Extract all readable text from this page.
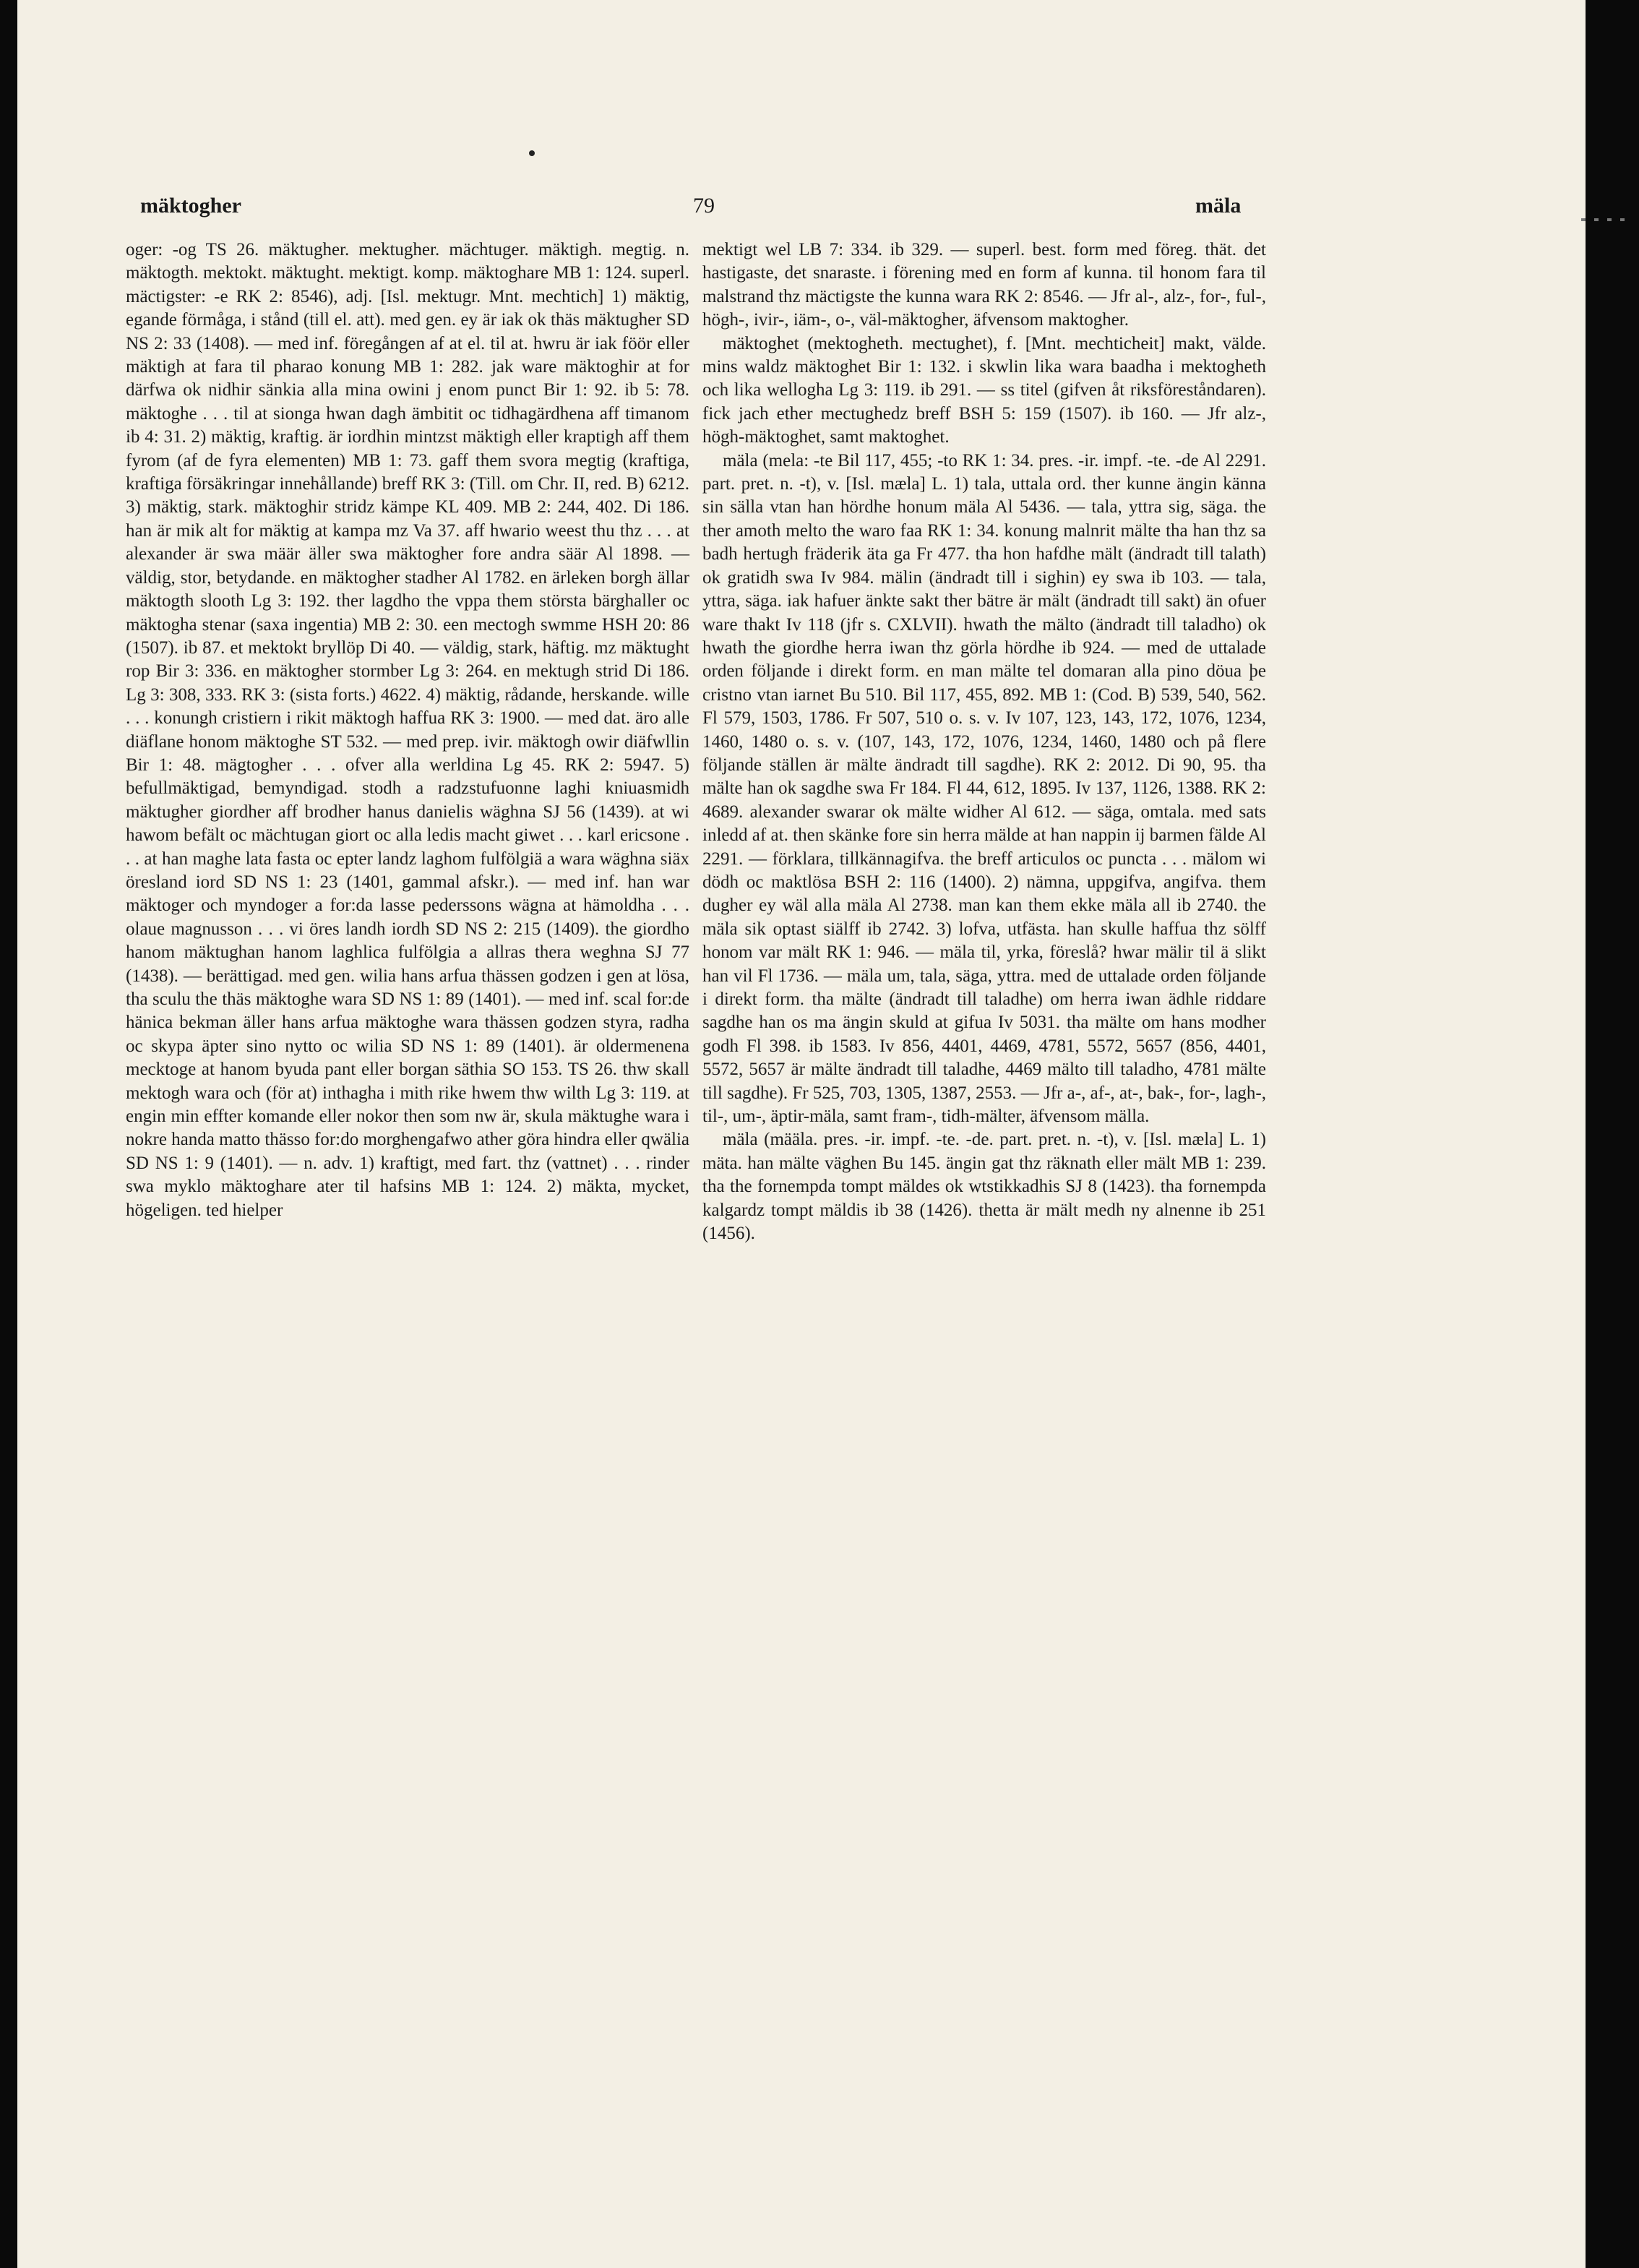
mäktogher	79	mäla

oger: -og TS 26. mäktugher. mektugher. mächtuger. mäktigh. megtig. n. mäktogth. mektokt. mäktught. mektigt. komp. mäktoghare MB 1: 124. superl. mäctigster: -e RK 2: 8546), adj. [Isl. mektugr. Mnt. mechtich] 1) mäktig, egande förmåga, i stånd (till el. att). med gen. ey är iak ok thäs mäktugher SD NS 2: 33 (1408). — med inf. föregången af at el. til at. hwru är iak föör eller mäktigh at fara til pharao konung MB 1: 282. jak ware mäktoghir at for därfwa ok nidhir sänkia alla mina owini j enom punct Bir 1: 92. ib 5: 78. mäktoghe . . . til at sionga hwan dagh ämbitit oc tidhagärdhena aff timanom ib 4: 31. 2) mäktig, kraftig. är iordhin mintzst mäktigh eller kraptigh aff them fyrom (af de fyra elementen) MB 1: 73. gaff them svora megtig (kraftiga, kraftiga försäkringar innehållande) breff RK 3: (Till. om Chr. II, red. B) 6212. 3) mäktig, stark. mäktoghir stridz kämpe KL 409. MB 2: 244, 402. Di 186. han är mik alt for mäktig at kampa mz Va 37. aff hwario weest thu thz . . . at alexander är swa määr äller swa mäktogher fore andra säär Al 1898. — väldig, stor, betydande. en mäktogher stadher Al 1782. en ärleken borgh ällar mäktogth slooth Lg 3: 192. ther lagdho the vppa them största bärghaller oc mäktogha stenar (saxa ingentia) MB 2: 30. een mectogh swmme HSH 20: 86 (1507). ib 87. et mektokt bryllöp Di 40. — väldig, stark, häftig. mz mäktught rop Bir 3: 336. en mäktogher stormber Lg 3: 264. en mektugh strid Di 186. Lg 3: 308, 333. RK 3: (sista forts.) 4622. 4) mäktig, rådande, herskande. wille . . . konungh cristiern i rikit mäktogh haffua RK 3: 1900. — med dat. äro alle diäflane honom mäktoghe ST 532. — med prep. ivir. mäktogh owir diäfwllin Bir 1: 48. mägtogher . . . ofver alla werldina Lg 45. RK 2: 5947. 5) befullmäktigad, bemyndigad. stodh a radzstufuonne laghi kniuasmidh mäktugher giordher aff brodher hanus danielis wäghna SJ 56 (1439). at wi hawom befält oc mächtugan giort oc alla ledis macht giwet . . . karl ericsone . . . at han maghe lata fasta oc epter landz laghom fulfölgiä a wara wäghna siäx öresland iord SD NS 1: 23 (1401, gammal afskr.). — med inf. han war mäktoger och myndoger a for:da lasse pederssons wägna at hämoldha . . . olaue magnusson . . . vi öres landh iordh SD NS 2: 215 (1409). the giordho hanom mäktughan hanom laghlica fulfölgia a allras thera weghna SJ 77 (1438). — berättigad. med gen. wilia hans arfua thässen godzen i gen at lösa, tha sculu the thäs mäktoghe wara SD NS 1: 89 (1401). — med inf. scal for:de hänica bekman äller hans arfua mäktoghe wara thässen godzen styra, radha oc skypa äpter sino nytto oc wilia SD NS 1: 89 (1401). är oldermenena mecktoge at hanom byuda pant eller borgan säthia SO 153. TS 26. thw skall mektogh wara och (för at) inthagha i mith rike hwem thw wilth Lg 3: 119. at engin min effter komande eller nokor then som nw är, skula mäktughe wara i nokre handa matto thässo for:do morghengafwo ather göra hindra eller qwälia SD NS 1: 9 (1401). — n. adv. 1) kraftigt, med fart. thz (vattnet) . . . rinder swa myklo mäktoghare ater til hafsins MB 1: 124. 2) mäkta, mycket, högeligen. ted hielper

mektigt wel LB 7: 334. ib 329. — superl. best. form med föreg. thät. det hastigaste, det snaraste. i förening med en form af kunna. til honom fara til malstrand thz mäctigste the kunna wara RK 2: 8546. — Jfr al-, alz-, for-, ful-, högh-, ivir-, iäm-, o-, väl-mäktogher, äfvensom maktogher.

mäktoghet (mektogheth. mectughet), f. [Mnt. mechticheit] makt, välde. mins waldz mäktoghet Bir 1: 132. i skwlin lika wara baadha i mektogheth och lika wellogha Lg 3: 119. ib 291. — ss titel (gifven åt riksföreståndaren). fick jach ether mectughedz breff BSH 5: 159 (1507). ib 160. — Jfr alz-, högh-mäktoghet, samt maktoghet.

mäla (mela: -te Bil 117, 455; -to RK 1: 34. pres. -ir. impf. -te. -de Al 2291. part. pret. n. -t), v. [Isl. mæla] L. 1) tala, uttala ord. ther kunne ängin känna sin sälla vtan han hördhe honum mäla Al 5436. — tala, yttra sig, säga. the ther amoth melto the waro faa RK 1: 34. konung malnrit mälte tha han thz sa badh hertugh fräderik äta ga Fr 477. tha hon hafdhe mält (ändradt till talath) ok gratidh swa Iv 984. mälin (ändradt till i sighin) ey swa ib 103. — tala, yttra, säga. iak hafuer änkte sakt ther bätre är mält (ändradt till sakt) än ofuer ware thakt Iv 118 (jfr s. CXLVII). hwath the mälto (ändradt till taladho) ok hwath the giordhe herra iwan thz görla hördhe ib 924. — med de uttalade orden följande i direkt form. en man mälte tel domaran alla pino döua þe cristno vtan iarnet Bu 510. Bil 117, 455, 892. MB 1: (Cod. B) 539, 540, 562. Fl 579, 1503, 1786. Fr 507, 510 o. s. v. Iv 107, 123, 143, 172, 1076, 1234, 1460, 1480 o. s. v. (107, 143, 172, 1076, 1234, 1460, 1480 och på flere följande ställen är mälte ändradt till sagdhe). RK 2: 2012. Di 90, 95. tha mälte han ok sagdhe swa Fr 184. Fl 44, 612, 1895. Iv 137, 1126, 1388. RK 2: 4689. alexander swarar ok mälte widher Al 612. — säga, omtala. med sats inledd af at. then skänke fore sin herra mälde at han nappin ij barmen fälde Al 2291. — förklara, tillkännagifva. the breff articulos oc puncta . . . mälom wi dödh oc maktlösa BSH 2: 116 (1400). 2) nämna, uppgifva, angifva. them dugher ey wäl alla mäla Al 2738. man kan them ekke mäla all ib 2740. the mäla sik optast siälff ib 2742. 3) lofva, utfästa. han skulle haffua thz sölff honom var mält RK 1: 946. — mäla til, yrka, föreslå? hwar mälir til ä slikt han vil Fl 1736. — mäla um, tala, säga, yttra. med de uttalade orden följande i direkt form. tha mälte (ändradt till taladhe) om herra iwan ädhle riddare sagdhe han os ma ängin skuld at gifua Iv 5031. tha mälte om hans modher godh Fl 398. ib 1583. Iv 856, 4401, 4469, 4781, 5572, 5657 (856, 4401, 5572, 5657 är mälte ändradt till taladhe, 4469 mälto till taladho, 4781 mälte till sagdhe). Fr 525, 703, 1305, 1387, 2553. — Jfr a-, af-, at-, bak-, for-, lagh-, til-, um-, äptir-mäla, samt fram-, tidh-mälter, äfvensom mälla.

mäla (määla. pres. -ir. impf. -te. -de. part. pret. n. -t), v. [Isl. mæla] L. 1) mäta. han mälte väghen Bu 145. ängin gat thz räknath eller mält MB 1: 239. tha the fornempda tompt mäldes ok wtstikkadhis SJ 8 (1423). tha fornempda kalgardz tompt mäldis ib 38 (1426). thetta är mält medh ny alnenne ib 251 (1456).
